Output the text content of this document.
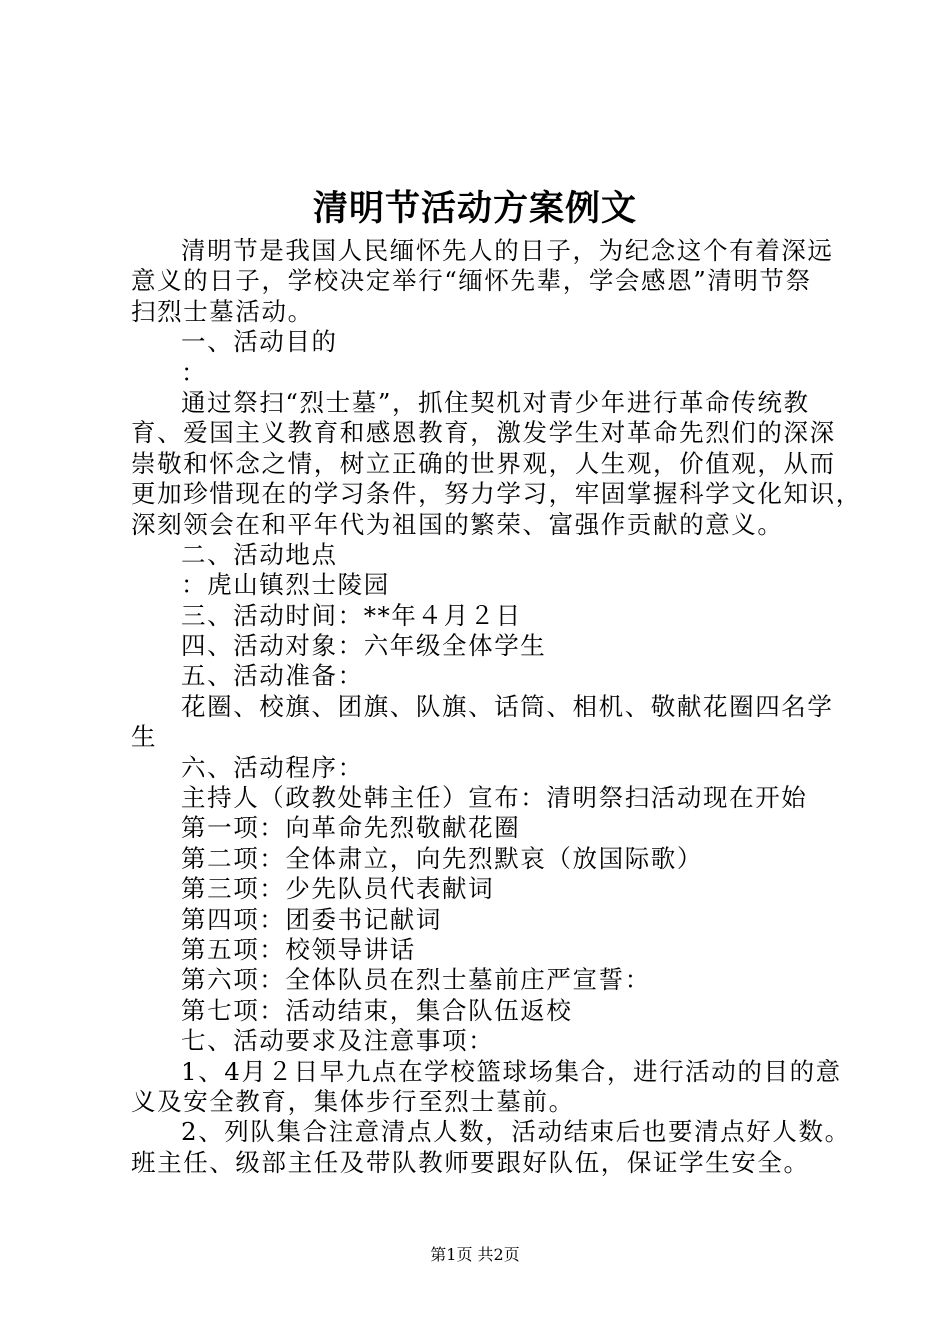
清明节活动方案例文
清明节是我国人民缅怀先人的日子，为纪念这个有着深远
意义的日子，学校决定举行“缅怀先辈，学会感恩”清明节祭
扫烈士墓活动。
一、活动目的
：
通过祭扫“烈士墓”，抓住契机对青少年进行革命传统教
育、爱国主义教育和感恩教育，激发学生对革命先烈们的深深
崇敬和怀念之情，树立正确的世界观，人生观，价值观，从而
更加珍惜现在的学习条件，努力学习，牢固掌握科学文化知识，
深刻领会在和平年代为祖国的繁荣、富强作贡献的意义。
二、活动地点
：虎山镇烈士陵园
三、活动时间：**年４月２日
四、活动对象：六年级全体学生
五、活动准备：
花圈、校旗、团旗、队旗、话筒、相机、敬献花圈四名学
生
六、活动程序：
主持人（政教处韩主任）宣布：清明祭扫活动现在开始
第一项：向革命先烈敬献花圈
第二项：全体肃立，向先烈默哀（放国际歌）
第三项：少先队员代表献词
第四项：团委书记献词
第五项：校领导讲话
第六项：全体队员在烈士墓前庄严宣誓：
第七项：活动结束，集合队伍返校
七、活动要求及注意事项：
1、4月２日早九点在学校篮球场集合，进行活动的目的意
义及安全教育，集体步行至烈士墓前。
2、列队集合注意清点人数，活动结束后也要清点好人数。
班主任、级部主任及带队教师要跟好队伍，保证学生安全。
第1页 共2页
